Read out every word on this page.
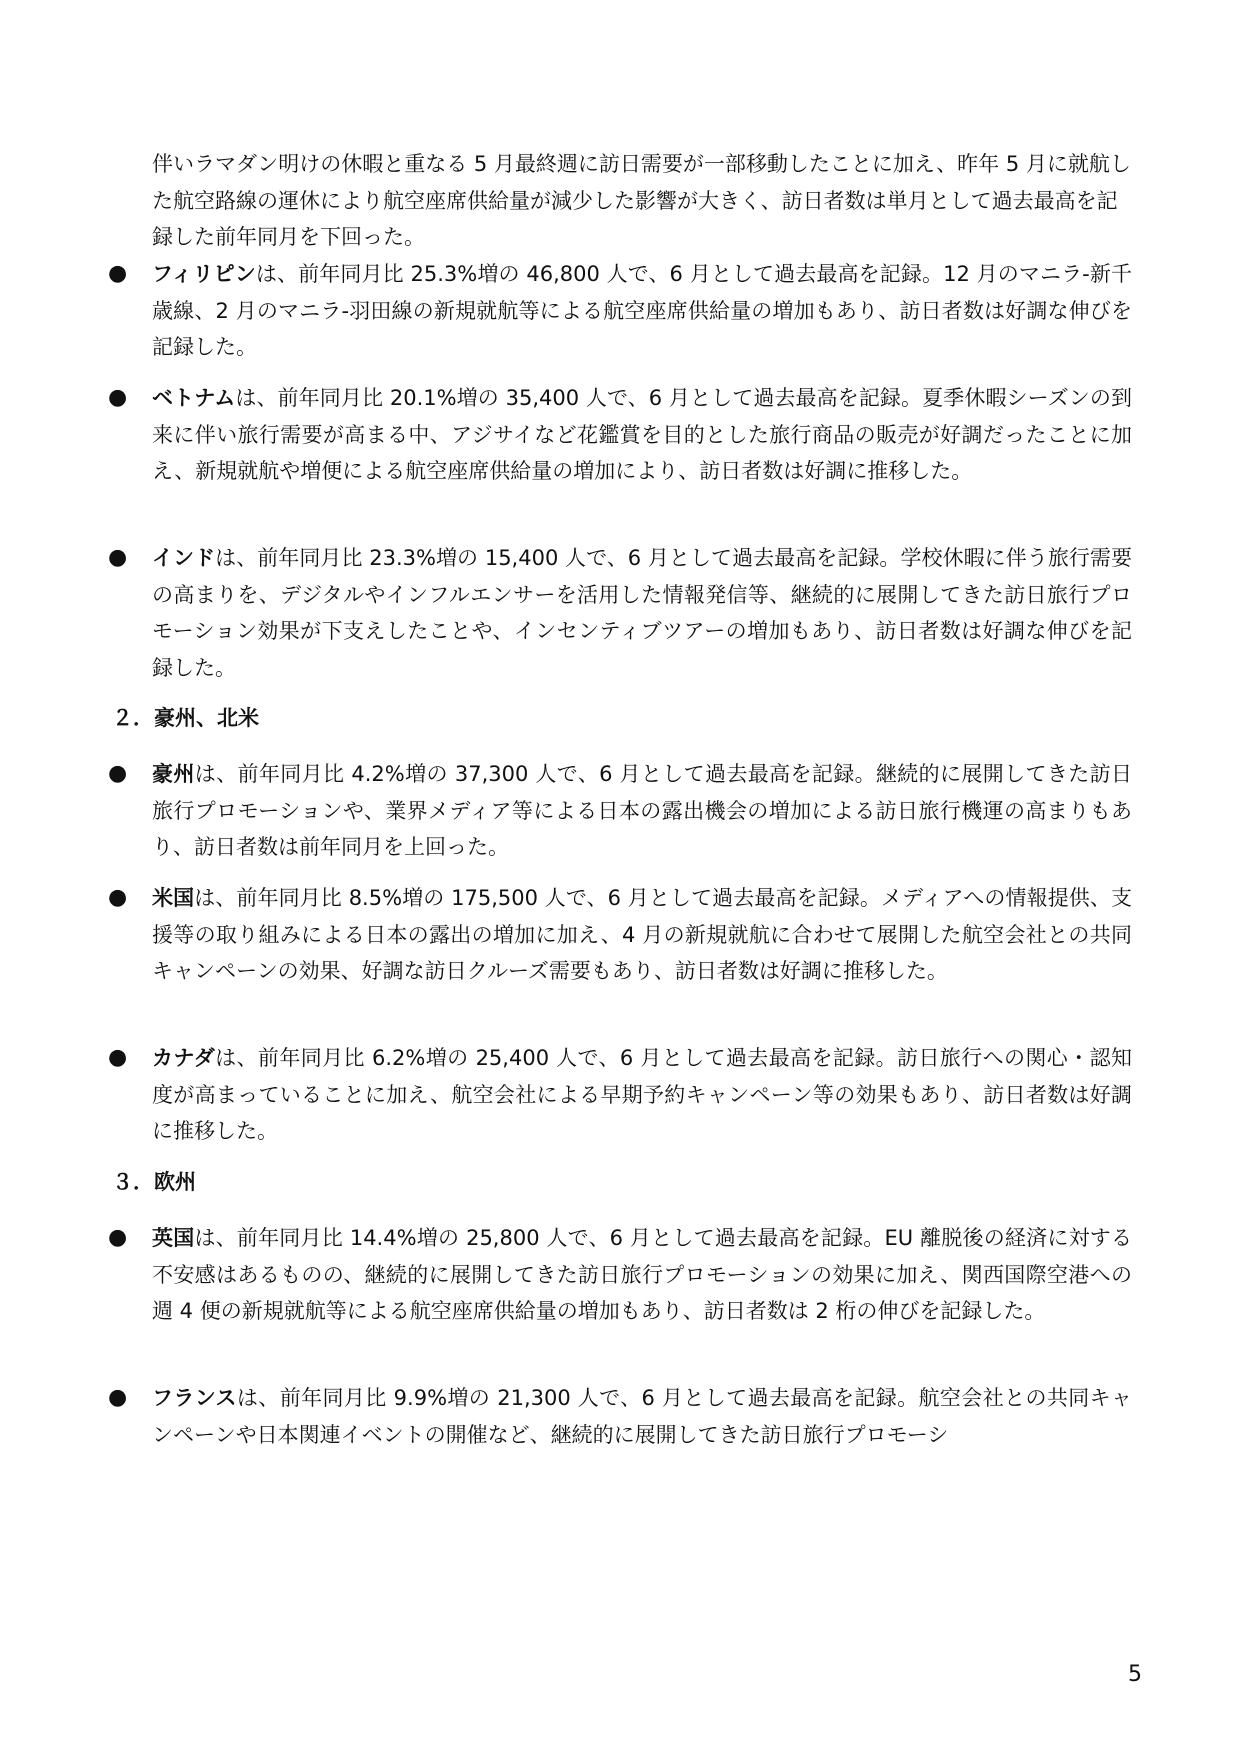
伴いラマダン明けの休暇と重なる 5 月最終週に訪日需要が一部移動したことに加え、昨年 5 月に就航した航空路線の運休により航空座席供給量が減少した影響が大きく、訪日者数は単月として過去最高を記録した前年同月を下回った。

● フィリピンは、前年同月比 25.3%増の 46,800 人で、6 月として過去最高を記録。12 月のマニラ-新千歳線、2 月のマニラ-羽田線の新規就航等による航空座席供給量の増加もあり、訪日者数は好調な伸びを記録した。
● ベトナムは、前年同月比 20.1%増の 35,400 人で、6 月として過去最高を記録。夏季休暇シーズンの到来に伴い旅行需要が高まる中、アジサイなど花鑑賞を目的とした旅行商品の販売が好調だったことに加え、新規就航や増便による航空座席供給量の増加により、訪日者数は好調に推移した。
● インドは、前年同月比 23.3%増の 15,400 人で、6 月として過去最高を記録。学校休暇に伴う旅行需要の高まりを、デジタルやインフルエンサーを活用した情報発信等、継続的に展開してきた訪日旅行プロモーション効果が下支えしたことや、インセンティブツアーの増加もあり、訪日者数は好調な伸びを記録した。
２．豪州、北米
● 豪州は、前年同月比 4.2%増の 37,300 人で、6 月として過去最高を記録。継続的に展開してきた訪日旅行プロモーションや、業界メディア等による日本の露出機会の増加による訪日旅行機運の高まりもあり、訪日者数は前年同月を上回った。
● 米国は、前年同月比 8.5%増の 175,500 人で、6 月として過去最高を記録。メディアへの情報提供、支援等の取り組みによる日本の露出の増加に加え、4 月の新規就航に合わせて展開した航空会社との共同キャンペーンの効果、好調な訪日クルーズ需要もあり、訪日者数は好調に推移した。
● カナダは、前年同月比 6.2%増の 25,400 人で、6 月として過去最高を記録。訪日旅行への関心・認知度が高まっていることに加え、航空会社による早期予約キャンペーン等の効果もあり、訪日者数は好調に推移した。
３．欧州
● 英国は、前年同月比 14.4%増の 25,800 人で、6 月として過去最高を記録。EU 離脱後の経済に対する不安感はあるものの、継続的に展開してきた訪日旅行プロモーションの効果に加え、関西国際空港への週 4 便の新規就航等による航空座席供給量の増加もあり、訪日者数は 2 桁の伸びを記録した。
● フランスは、前年同月比 9.9%増の 21,300 人で、6 月として過去最高を記録。航空会社との共同キャンペーンや日本関連イベントの開催など、継続的に展開してきた訪日旅行プロモーシ
5
